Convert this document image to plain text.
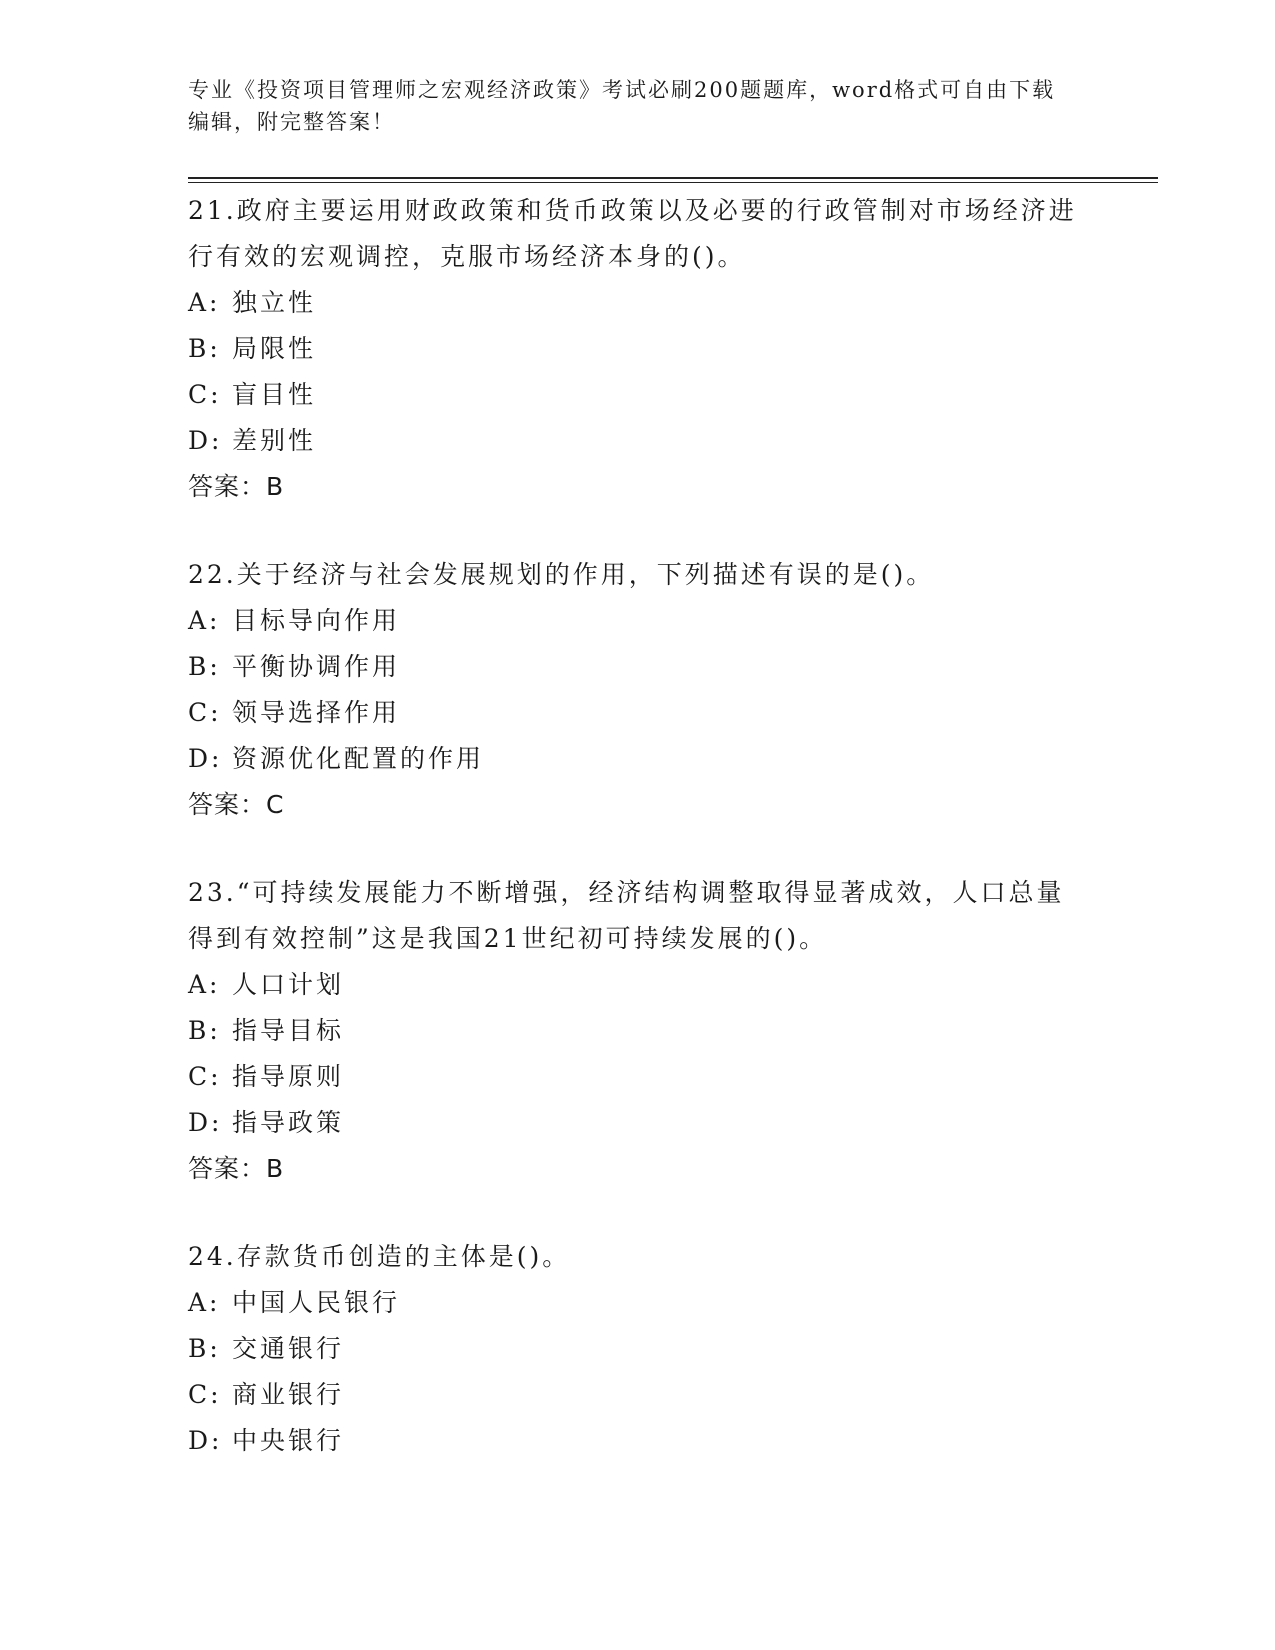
专业《投资项目管理师之宏观经济政策》考试必刷200题题库，word格式可自由下载编辑，附完整答案！

21.政府主要运用财政政策和货币政策以及必要的行政管制对市场经济进行有效的宏观调控，克服市场经济本身的()。

A: 独立性

B: 局限性

C: 盲目性

D: 差别性

答案：B

22.关于经济与社会发展规划的作用，下列描述有误的是()。

A: 目标导向作用

B: 平衡协调作用

C: 领导选择作用

D: 资源优化配置的作用

答案：C

23.“可持续发展能力不断增强，经济结构调整取得显著成效，人口总量得到有效控制”这是我国21世纪初可持续发展的()。

A: 人口计划

B: 指导目标

C: 指导原则

D: 指导政策

答案：B

24.存款货币创造的主体是()。

A: 中国人民银行

B: 交通银行

C: 商业银行

D: 中央银行
